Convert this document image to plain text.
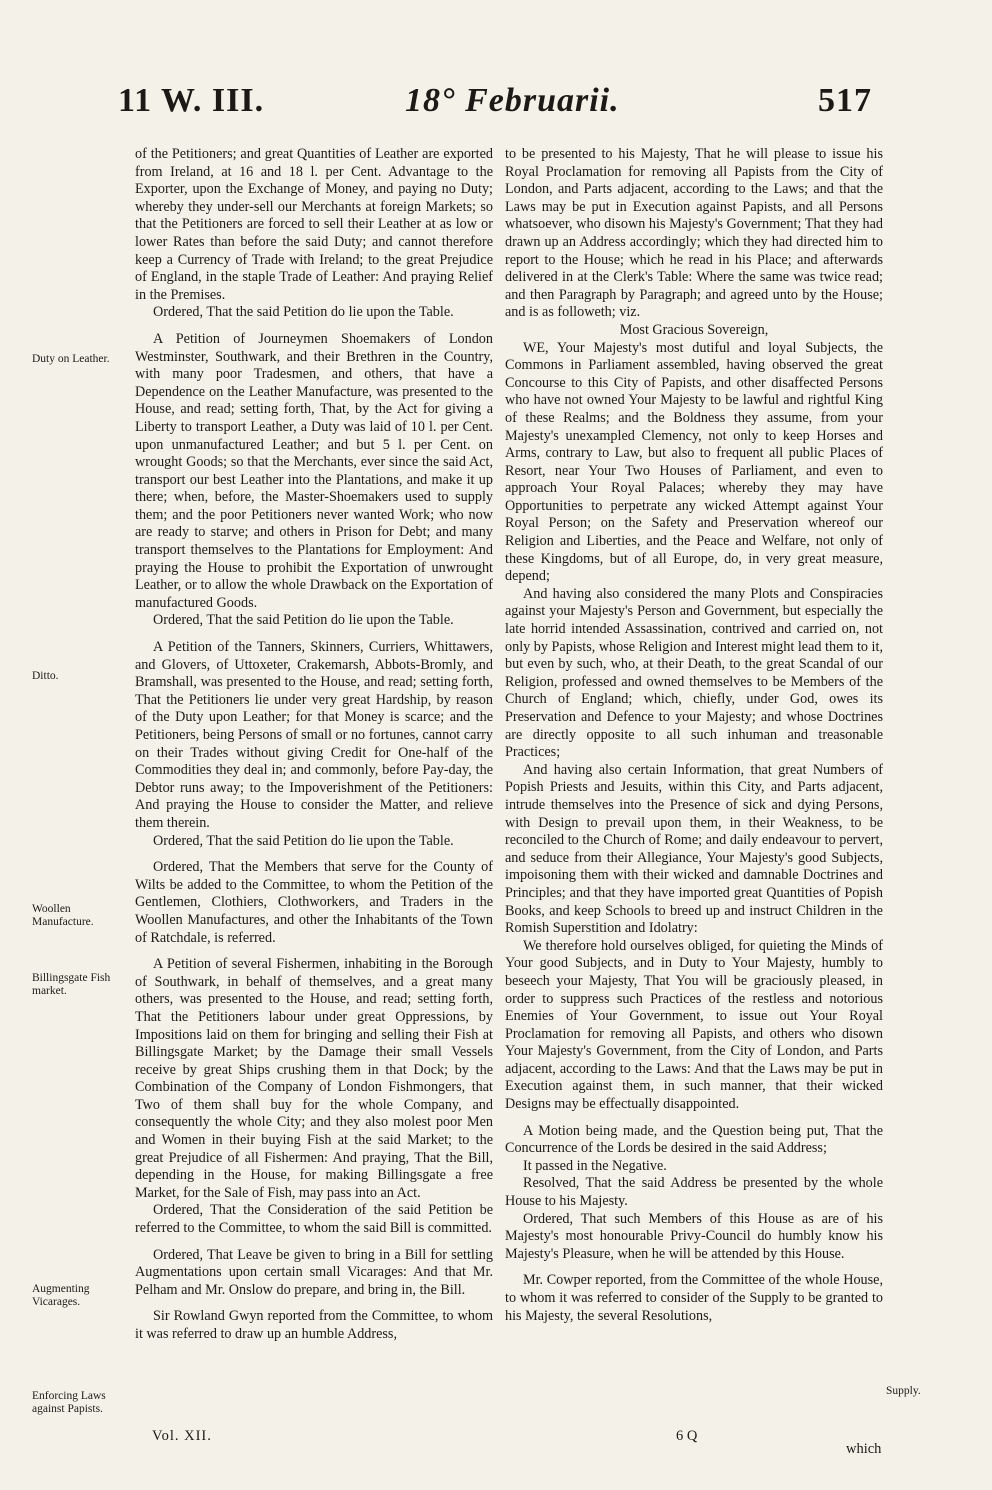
11 W. III.	18° Februarii.	517
Duty on Leather.
Ditto.
Woollen Manufacture.
Billingsgate Fish market.
Augmenting Vicarages.
Enforcing Laws against Papists.
Supply.

of the Petitioners; and great Quantities of Leather are exported from Ireland, at 16 and 18 l. per Cent. Advantage to the Exporter, upon the Exchange of Money, and paying no Duty; whereby they under-sell our Merchants at foreign Markets; so that the Petitioners are forced to sell their Leather at as low or lower Rates than before the said Duty; and cannot therefore keep a Currency of Trade with Ireland; to the great Prejudice of England, in the staple Trade of Leather: And praying Relief in the Premises.

Ordered, That the said Petition do lie upon the Table.

A Petition of Journeymen Shoemakers of London Westminster, Southwark, and their Brethren in the Country, with many poor Tradesmen, and others, that have a Dependence on the Leather Manufacture, was presented to the House, and read; setting forth, That, by the Act for giving a Liberty to transport Leather, a Duty was laid of 10 l. per Cent. upon unmanufactured Leather; and but 5 l. per Cent. on wrought Goods; so that the Merchants, ever since the said Act, transport our best Leather into the Plantations, and make it up there; when, before, the Master-Shoemakers used to supply them; and the poor Petitioners never wanted Work; who now are ready to starve; and others in Prison for Debt; and many transport themselves to the Plantations for Employment: And praying the House to prohibit the Exportation of unwrought Leather, or to allow the whole Drawback on the Exportation of manufactured Goods.

Ordered, That the said Petition do lie upon the Table.

A Petition of the Tanners, Skinners, Curriers, Whittawers, and Glovers, of Uttoxeter, Crakemarsh, Abbots-Bromly, and Bramshall, was presented to the House, and read; setting forth, That the Petitioners lie under very great Hardship, by reason of the Duty upon Leather; for that Money is scarce; and the Petitioners, being Persons of small or no fortunes, cannot carry on their Trades without giving Credit for One-half of the Commodities they deal in; and commonly, before Pay-day, the Debtor runs away; to the Impoverishment of the Petitioners: And praying the House to consider the Matter, and relieve them therein.

Ordered, That the said Petition do lie upon the Table.

Ordered, That the Members that serve for the County of Wilts be added to the Committee, to whom the Petition of the Gentlemen, Clothiers, Clothworkers, and Traders in the Woollen Manufactures, and other the Inhabitants of the Town of Ratchdale, is referred.

A Petition of several Fishermen, inhabiting in the Borough of Southwark, in behalf of themselves, and a great many others, was presented to the House, and read; setting forth, That the Petitioners labour under great Oppressions, by Impositions laid on them for bringing and selling their Fish at Billingsgate Market; by the Damage their small Vessels receive by great Ships crushing them in that Dock; by the Combination of the Company of London Fishmongers, that Two of them shall buy for the whole Company, and consequently the whole City; and they also molest poor Men and Women in their buying Fish at the said Market; to the great Prejudice of all Fishermen: And praying, That the Bill, depending in the House, for making Billingsgate a free Market, for the Sale of Fish, may pass into an Act.

Ordered, That the Consideration of the said Petition be referred to the Committee, to whom the said Bill is committed.

Ordered, That Leave be given to bring in a Bill for settling Augmentations upon certain small Vicarages: And that Mr. Pelham and Mr. Onslow do prepare, and bring in, the Bill.

Sir Rowland Gwyn reported from the Committee, to whom it was referred to draw up an humble Address,

to be presented to his Majesty, That he will please to issue his Royal Proclamation for removing all Papists from the City of London, and Parts adjacent, according to the Laws; and that the Laws may be put in Execution against Papists, and all Persons whatsoever, who disown his Majesty's Government; That they had drawn up an Address accordingly; which they had directed him to report to the House; which he read in his Place; and afterwards delivered in at the Clerk's Table: Where the same was twice read; and then Paragraph by Paragraph; and agreed unto by the House; and is as followeth; viz.

Most Gracious Sovereign,

WE, Your Majesty's most dutiful and loyal Subjects, the Commons in Parliament assembled, having observed the great Concourse to this City of Papists, and other disaffected Persons who have not owned Your Majesty to be lawful and rightful King of these Realms; and the Boldness they assume, from your Majesty's unexampled Clemency, not only to keep Horses and Arms, contrary to Law, but also to frequent all public Places of Resort, near Your Two Houses of Parliament, and even to approach Your Royal Palaces; whereby they may have Opportunities to perpetrate any wicked Attempt against Your Royal Person; on the Safety and Preservation whereof our Religion and Liberties, and the Peace and Welfare, not only of these Kingdoms, but of all Europe, do, in very great measure, depend;

And having also considered the many Plots and Conspiracies against your Majesty's Person and Government, but especially the late horrid intended Assassination, contrived and carried on, not only by Papists, whose Religion and Interest might lead them to it, but even by such, who, at their Death, to the great Scandal of our Religion, professed and owned themselves to be Members of the Church of England; which, chiefly, under God, owes its Preservation and Defence to your Majesty; and whose Doctrines are directly opposite to all such inhuman and treasonable Practices;

And having also certain Information, that great Numbers of Popish Priests and Jesuits, within this City, and Parts adjacent, intrude themselves into the Presence of sick and dying Persons, with Design to prevail upon them, in their Weakness, to be reconciled to the Church of Rome; and daily endeavour to pervert, and seduce from their Allegiance, Your Majesty's good Subjects, impoisoning them with their wicked and damnable Doctrines and Principles; and that they have imported great Quantities of Popish Books, and keep Schools to breed up and instruct Children in the Romish Superstition and Idolatry:

We therefore hold ourselves obliged, for quieting the Minds of Your good Subjects, and in Duty to Your Majesty, humbly to beseech your Majesty, That You will be graciously pleased, in order to suppress such Practices of the restless and notorious Enemies of Your Government, to issue out Your Royal Proclamation for removing all Papists, and others who disown Your Majesty's Government, from the City of London, and Parts adjacent, according to the Laws: And that the Laws may be put in Execution against them, in such manner, that their wicked Designs may be effectually disappointed.

A Motion being made, and the Question being put, That the Concurrence of the Lords be desired in the said Address;

It passed in the Negative.

Resolved, That the said Address be presented by the whole House to his Majesty.

Ordered, That such Members of this House as are of his Majesty's most honourable Privy-Council do humbly know his Majesty's Pleasure, when he will be attended by this House.

Mr. Cowper reported, from the Committee of the whole House, to whom it was referred to consider of the Supply to be granted to his Majesty, the several Resolutions,

Vol. XII.	6 Q
which
